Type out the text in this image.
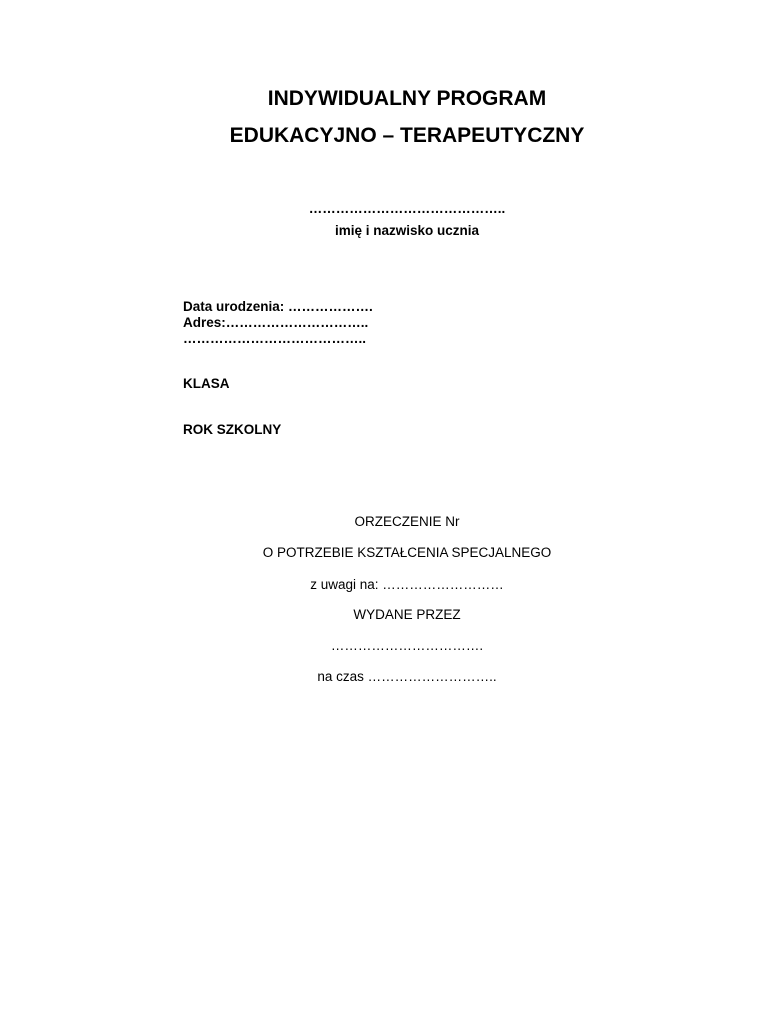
INDYWIDUALNY PROGRAM
EDUKACYJNO – TERAPEUTYCZNY

……………………………………..

imię i nazwisko ucznia

Data urodzenia: ……………….

Adres:…………………………..

…………………………………..

KLASA

ROK SZKOLNY

ORZECZENIE Nr

O POTRZEBIE KSZTAŁCENIA SPECJALNEGO

z uwagi na: ………………………

WYDANE PRZEZ

…………………………….

na czas ………………………..
